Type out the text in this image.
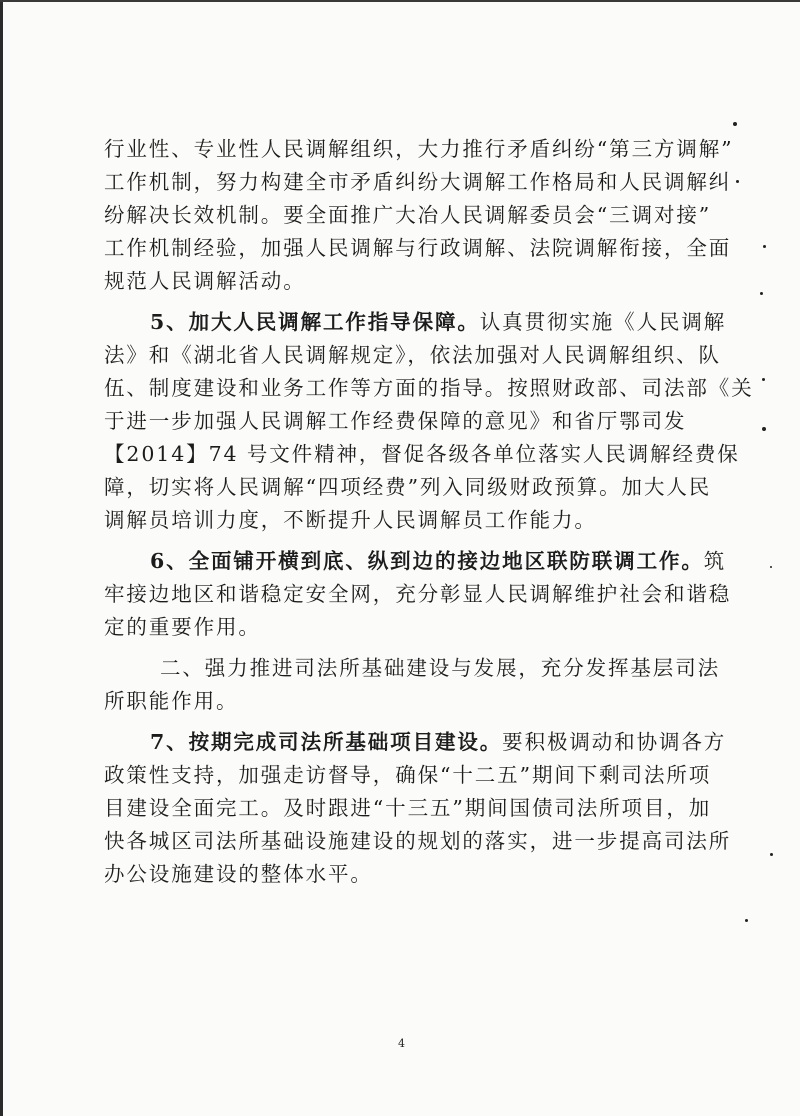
行业性、专业性人民调解组织，大力推行矛盾纠纷“第三方调解”
工作机制，努力构建全市矛盾纠纷大调解工作格局和人民调解纠
纷解决长效机制。要全面推广大冶人民调解委员会“三调对接”
工作机制经验，加强人民调解与行政调解、法院调解衔接，全面
规范人民调解活动。
5、加大人民调解工作指导保障。认真贯彻实施《人民调解
法》和《湖北省人民调解规定》，依法加强对人民调解组织、队
伍、制度建设和业务工作等方面的指导。按照财政部、司法部《关
于进一步加强人民调解工作经费保障的意见》和省厅鄂司发
【2014】74 号文件精神，督促各级各单位落实人民调解经费保
障，切实将人民调解“四项经费”列入同级财政预算。加大人民
调解员培训力度，不断提升人民调解员工作能力。
6、全面铺开横到底、纵到边的接边地区联防联调工作。筑
牢接边地区和谐稳定安全网，充分彰显人民调解维护社会和谐稳
定的重要作用。
二、强力推进司法所基础建设与发展，充分发挥基层司法
所职能作用。
7、按期完成司法所基础项目建设。要积极调动和协调各方
政策性支持，加强走访督导，确保“十二五”期间下剩司法所项
目建设全面完工。及时跟进“十三五”期间国债司法所项目，加
快各城区司法所基础设施建设的规划的落实，进一步提高司法所
办公设施建设的整体水平。
4
